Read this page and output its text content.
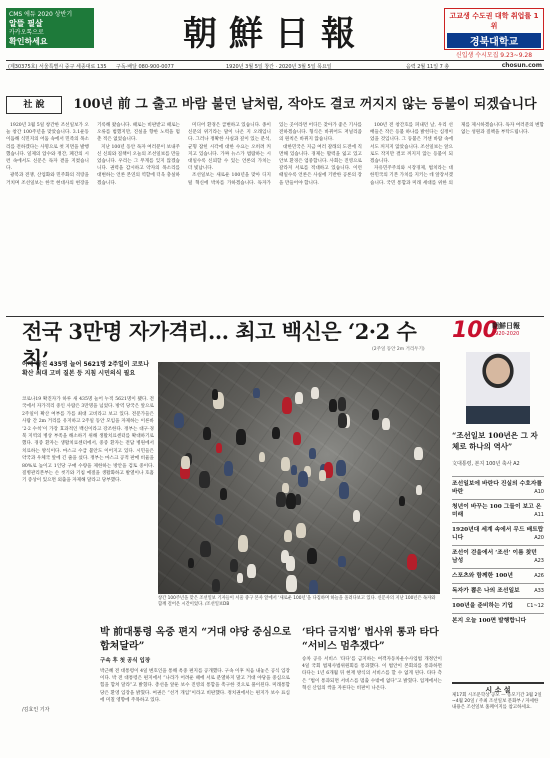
CMS 에듀 2020 상반기
알뜰 필살
카카오톡으로
확인하세요	朝鮮日報	고교생 수도권 대학 취업률 1위
경북대학교
신입생 수시모집 9.23~9.28
(제30375호) 서울특별시 중구 세종대로 135 구독·배달 080-900-0077	1920년 3월 5일 창간 · 2020년 3월 5일 목요일	음력 2월 11일 7 총	chosun.com
社 說	100년 前 그 출고 바람 불던 날처럼, 작아도 결코 꺼지지 않는 등불이 되겠습니다

1920년 3월 5일 창간한 조선일보가 오늘 창간 100주년을 맞았습니다. 3.1운동 이듬해 식민지의 어둠 속에서 민족의 목소리를 전하겠다는 사명으로 첫 지면을 발행했습니다. 일제의 압수와 정간, 폐간의 시련 속에서도 신문은 독자 곁을 지켰습니다.

광복과 전쟁, 산업화와 민주화의 격랑을 거치며 조선일보는 한국 현대사의 현장을 기록해 왔습니다. 때로는 비판받고 때로는 오류를 범했지만, 진실을 향한 노력을 멈춘 적은 없었습니다.

지난 100년 동안 독자 여러분이 보내주신 신뢰와 질책이 오늘의 조선일보를 만들었습니다. 우리는 그 무게를 잊지 않겠습니다. 권력을 감시하고 약자의 목소리를 대변하는 언론 본연의 역할에 더욱 충실하겠습니다.

미디어 환경은 급변하고 있습니다. 종이 신문의 위기라는 말이 나온 지 오래입니다. 그러나 정확한 사실과 깊이 있는 분석, 균형 잡힌 시각에 대한 수요는 오히려 커지고 있습니다. 가짜 뉴스가 범람하는 시대일수록 신뢰할 수 있는 언론의 가치는 더 빛납니다.

조선일보는 새로운 100년을 맞아 디지털 혁신에 박차를 가하겠습니다. 독자가 있는 곳이라면 어디든 찾아가 좋은 기사를 전하겠습니다. 형식은 바뀌어도 저널리즘의 원칙은 바뀌지 않습니다.

대한민국은 지금 여러 갈래의 도전에 직면해 있습니다. 경제는 활력을 잃고 있고 안보 환경은 엄중합니다. 사회는 진영으로 갈라져 서로를 적대하고 있습니다. 이런 때일수록 언론은 사실에 기반한 공론의 장을 만들어야 합니다.

100년 전 창간호를 펴내던 날, 우리 선배들은 작은 등불 하나를 밝힌다는 심정이었을 것입니다. 그 등불은 거센 바람 속에서도 꺼지지 않았습니다. 조선일보는 앞으로도 작지만 결코 꺼지지 않는 등불이 되겠습니다.

자유민주주의와 시장경제, 법치라는 대한민국의 기본 가치를 지키는 데 앞장서겠습니다. 국민 통합과 미래 세대를 위한 의제를 제시하겠습니다. 독자 여러분의 변함없는 성원과 질책을 부탁드립니다.

전국 3만명 자가격리… 최고 백신은 ‘2·2 수칙’	(2주일 동안 2m 거리두기)
어제 확진 435명 늘어 5621명 2주일이 코로나 확산 최대 고비 질본 등 지침 시민의식 필요
코로나19 확진자가 하루 새 435명 늘어 누적 5621명이 됐다. 전국에서 자가격리 중인 사람은 3만명을 넘었다. 방역 당국은 앞으로 2주일이 확산 여부를 가를 최대 고비라고 보고 있다. 전문가들은 사람 간 2m 거리를 유지하고 2주일 동안 모임을 자제하는 이른바 ‘2·2 수칙’이 가장 효과적인 백신이라고 강조한다. 정부는 대구·경북 지역의 병상 부족을 해소하기 위해 생활치료센터를 확대하기로 했다. 경증 환자는 생활치료센터에서, 중증 환자는 전담 병원에서 치료하는 방식이다. 마스크 수급 불안도 이어지고 있다. 시민들은 약국과 우체국 앞에 긴 줄을 섰다. 정부는 마스크 공적 판매 비율을 80%로 높이고 1인당 구매 수량을 제한하는 방안을 검토 중이다. 질병관리본부는 손 씻기와 기침 예절을 생활화하고 발열이나 호흡기 증상이 있으면 외출을 자제해 달라고 당부했다.
/김효인 기자
창간 100주년을 맞은 조선일보 기자들이 서울 중구 본사 앞에서 ‘새로운 100년’을 다짐하며 하늘을 올려다보고 있다. 신문사의 지난 100년은 독자와 함께 걸어온 시간이었다. /조선일보DB
박 前대통령 옥중 편지 “거대 야당 중심으로 합쳐달라”
구속 후 첫 공식 입장
박근혜 전 대통령이 4일 변호인을 통해 옥중 편지를 공개했다. 구속 이후 처음 내놓은 공식 입장이다. 박 전 대통령은 편지에서 “나라가 어려운 때에 서로 분열하지 말고 거대 야당을 중심으로 힘을 합쳐 달라”고 밝혔다. 총선을 앞둔 보수 진영의 통합을 촉구한 것으로 풀이된다. 미래통합당은 환영 입장을 밝혔다. 여권은 “선거 개입”이라고 비판했다. 정치권에서는 편지가 보수 표심에 미칠 영향에 주목하고 있다.
‘타다 금지법’ 법사위 통과 타다 “서비스 멈추겠다”
승차 공유 서비스 ‘타다’를 금지하는 여객자동차운수사업법 개정안이 4일 국회 법제사법위원회를 통과했다. 이 법안이 본회의를 통과하면 타다는 1년 6개월 뒤 현재 방식의 서비스를 할 수 없게 된다. 타다 측은 “법이 통과되면 서비스를 멈출 수밖에 없다”고 밝혔다. 업계에서는 혁신 산업의 싹을 자른다는 비판이 나온다.
100
朝鮮日報
1920-2020
“조선일보 100년은 그 자체로 하나의 역사”
文대통령, 본지 100년 축사 A2
조선일보에 바란다 진실의 수호자를 바란	A10
청년이 바꾸는 100 그들이 보고 온 미래	A11
1920년대 세계 속에서 무드 배트랍니다	A20
조선이 걷을에서 ‘조선’ 이름 찾던 남성	A23
스포츠와 함께한 100년	A26
독자가 뽑은 나의 조선일보	A33
100년을 준비하는 기업	C1~12
본지 오늘 100면 발행합니다
시 소 설
제17회 시조문학상 공모 — 응모기간 3월 2일~4월 20일 / 주최 조선일보 문화부 / 자세한 내용은 조선일보 홈페이지를 참고하세요.
